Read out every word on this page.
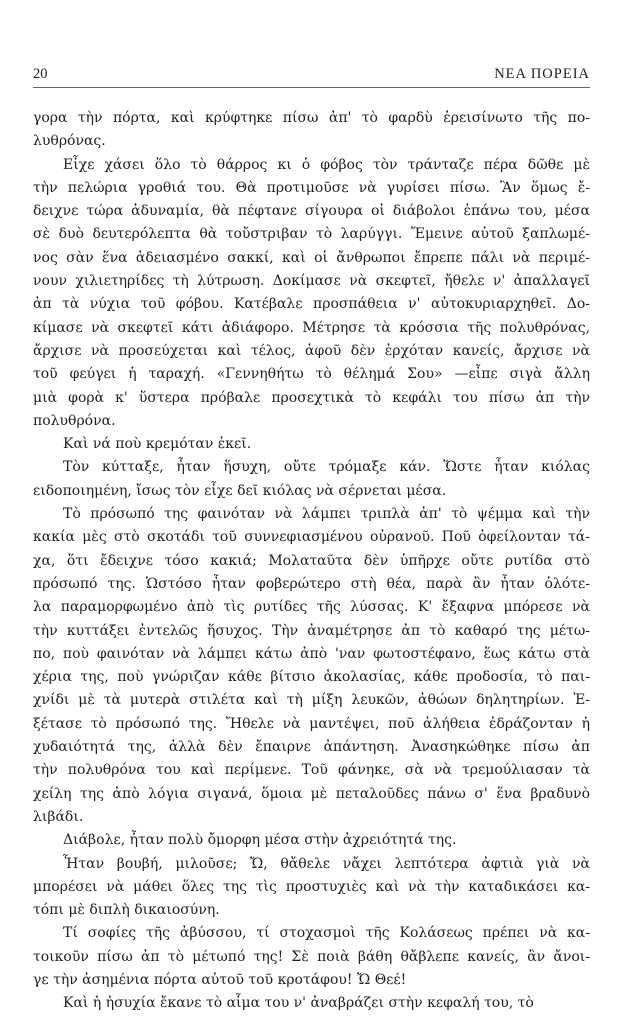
20	ΝΕΑ ΠΟΡΕΙΑ
γορα τὴν πόρτα, καὶ κρύφτηκε πίσω ἀπ' τὸ φαρδὺ ἐρεισίνωτο τῆς πο-
λυθρόνας.
Εἶχε χάσει ὅλο τὸ θάρρος κι ὁ φόβος τὸν τράνταζε πέρα δῶθε μὲ
τὴν πελώρια γροθιά του. Θὰ προτιμοῦσε νὰ γυρίσει πίσω. Ἂν ὅμως ἔ-
δειχνε τώρα ἀδυναμία, θὰ πέφτανε σίγουρα οἱ διάβολοι ἐπάνω του, μέσα
σὲ δυὸ δευτερόλεπτα θὰ τοὔστριβαν τὸ λαρύγγι. Ἔμεινε αὐτοῦ ξαπλωμέ-
νος σὰν ἕνα ἀδειασμένο σακκί, καὶ οἱ ἄνθρωποι ἔπρεπε πάλι νὰ περιμέ-
νουν χιλιετηρίδες τὴ λύτρωση. Δοκίμασε νὰ σκεφτεῖ, ἤθελε ν' ἀπαλλαγεῖ
ἀπ τὰ νύχια τοῦ φόβου. Κατέβαλε προσπάθεια ν' αὐτοκυριαρχηθεῖ. Δο-
κίμασε νὰ σκεφτεῖ κάτι ἀδιάφορο. Μέτρησε τὰ κρόσσια τῆς πολυθρόνας,
ἄρχισε νὰ προσεύχεται καὶ τέλος, ἀφοῦ δὲν ἐρχόταν κανείς, ἄρχισε νὰ
τοῦ φεύγει ἡ ταραχή. «Γεννηθήτω τὸ θέλημά Σου» —εἶπε σιγὰ ἄλλη
μιὰ φορὰ κ' ὕστερα πρόβαλε προσεχτικὰ τὸ κεφάλι του πίσω ἀπ τὴν
πολυθρόνα.
Καὶ νά ποὺ κρεμόταν ἐκεῖ.
Τὸν κύτταξε, ἦταν ἥσυχη, οὔτε τρόμαξε κάν. Ὥστε ἦταν κιόλας
ειδοποιημένη, ἴσως τὸν εἶχε δεῖ κιόλας νὰ σέρνεται μέσα.
Τὸ πρόσωπό της φαινόταν νὰ λάμπει τριπλὰ ἀπ' τὸ ψέμμα καὶ τὴν
κακία μὲς στὸ σκοτάδι τοῦ συννεφιασμένου οὐρανοῦ. Ποῦ ὀφείλονταν τά-
χα, ὅτι ἔδειχνε τόσο κακιά; Μολαταῦτα δὲν ὑπῆρχε οὔτε ρυτίδα στὸ
πρόσωπό της. Ὡστόσο ἦταν φοβερώτερο στὴ θέα, παρὰ ἂν ἦταν ὁλότε-
λα παραμορφωμένο ἀπὸ τὶς ρυτίδες τῆς λύσσας. Κ' ἔξαφνα μπόρεσε νὰ
τὴν κυττάξει ἐντελῶς ἥσυχος. Τὴν ἀναμέτρησε ἀπ τὸ καθαρό της μέτω-
πο, ποὺ φαινόταν νὰ λάμπει κάτω ἀπὸ 'ναν φωτοστέφανο, ἕως κάτω στὰ
χέρια της, ποὺ γνώριζαν κάθε βίτσιο ἀκολασίας, κάθε προδοσία, τὸ παι-
χνίδι μὲ τὰ μυτερὰ στιλέτα καὶ τὴ μίξη λευκῶν, ἀθώων δηλητηρίων. Ἐ-
ξέτασε τὸ πρόσωπό της. Ἤθελε νὰ μαντέψει, ποῦ ἀλήθεια ἐδράζονταν ἡ
χυδαιότητά της, ἀλλὰ δὲν ἔπαιρνε ἀπάντηση. Ἀνασηκώθηκε πίσω ἀπ
τὴν πολυθρόνα του καὶ περίμενε. Τοῦ φάνηκε, σὰ νὰ τρεμούλιασαν τὰ
χείλη της ἀπὸ λόγια σιγανά, ὅμοια μὲ πεταλοῦδες πάνω σ' ἕνα βραδυνὸ
λιβάδι.
Διάβολε, ἦταν πολὺ ὄμορφη μέσα στὴν ἀχρειότητά της.
Ἦταν βουβή, μιλοῦσε; Ὤ, θἄθελε νἄχει λεπτότερα ἀφτιὰ γιὰ νὰ
μπορέσει νὰ μάθει ὅλες της τὶς προστυχιὲς καὶ νὰ τὴν καταδικάσει κα-
τόπι μὲ διπλὴ δικαιοσύνη.
Τί σοφίες τῆς ἀβύσσου, τί στοχασμοὶ τῆς Κολάσεως πρέπει νὰ κα-
τοικοῦν πίσω ἀπ τὸ μέτωπό της! Σὲ ποιὰ βάθη θἄβλεπε κανείς, ἂν ἄνοι-
γε τὴν ἀσημένια πόρτα αὐτοῦ τοῦ κροτάφου! Ὤ Θεέ!
Καὶ ἡ ἡσυχία ἔκανε τὸ αἷμα του ν' ἀναβράζει στὴν κεφαλή του, τὸ
